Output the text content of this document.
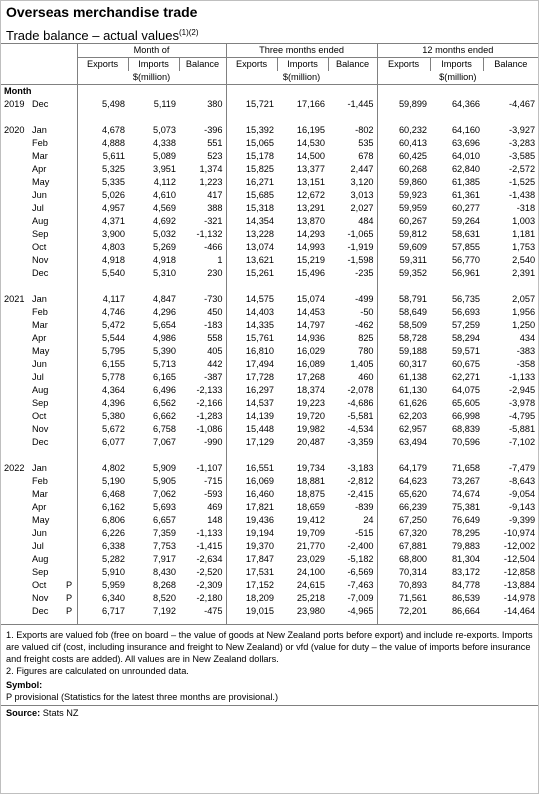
Overseas merchandise trade
Trade balance – actual values$^{(1)(2)}$
			Month of			Three months ended			12 months ended		
			Exports	Imports	Balance	Exports	Imports	Balance	Exports	Imports	Balance
			$(million)			$(million)			$(million)		
Month											
2019	Dec		5,498	5,119	380	15,721	17,166	-1,445	59,899	64,366	-4,467

2020	Jan		4,678	5,073	-396	15,392	16,195	-802	60,232	64,160	-3,927
	Feb		4,888	4,338	551	15,065	14,530	535	60,413	63,696	-3,283
	Mar		5,611	5,089	523	15,178	14,500	678	60,425	64,010	-3,585
	Apr		5,325	3,951	1,374	15,825	13,377	2,447	60,268	62,840	-2,572
	May		5,335	4,112	1,223	16,271	13,151	3,120	59,860	61,385	-1,525
	Jun		5,026	4,610	417	15,685	12,672	3,013	59,923	61,361	-1,438
	Jul		4,957	4,569	388	15,318	13,291	2,027	59,959	60,277	-318
	Aug		4,371	4,692	-321	14,354	13,870	484	60,267	59,264	1,003
	Sep		3,900	5,032	-1,132	13,228	14,293	-1,065	59,812	58,631	1,181
	Oct		4,803	5,269	-466	13,074	14,993	-1,919	59,609	57,855	1,753
	Nov		4,918	4,918	1	13,621	15,219	-1,598	59,311	56,770	2,540
	Dec		5,540	5,310	230	15,261	15,496	-235	59,352	56,961	2,391

2021	Jan		4,117	4,847	-730	14,575	15,074	-499	58,791	56,735	2,057
	Feb		4,746	4,296	450	14,403	14,453	-50	58,649	56,693	1,956
	Mar		5,472	5,654	-183	14,335	14,797	-462	58,509	57,259	1,250
	Apr		5,544	4,986	558	15,761	14,936	825	58,728	58,294	434
	May		5,795	5,390	405	16,810	16,029	780	59,188	59,571	-383
	Jun		6,155	5,713	442	17,494	16,089	1,405	60,317	60,675	-358
	Jul		5,778	6,165	-387	17,728	17,268	460	61,138	62,271	-1,133
	Aug		4,364	6,496	-2,133	16,297	18,374	-2,078	61,130	64,075	-2,945
	Sep		4,396	6,562	-2,166	14,537	19,223	-4,686	61,626	65,605	-3,978
	Oct		5,380	6,662	-1,283	14,139	19,720	-5,581	62,203	66,998	-4,795
	Nov		5,672	6,758	-1,086	15,448	19,982	-4,534	62,957	68,839	-5,881
	Dec		6,077	7,067	-990	17,129	20,487	-3,359	63,494	70,596	-7,102

2022	Jan		4,802	5,909	-1,107	16,551	19,734	-3,183	64,179	71,658	-7,479
	Feb		5,190	5,905	-715	16,069	18,881	-2,812	64,623	73,267	-8,643
	Mar		6,468	7,062	-593	16,460	18,875	-2,415	65,620	74,674	-9,054
	Apr		6,162	5,693	469	17,821	18,659	-839	66,239	75,381	-9,143
	May		6,806	6,657	148	19,436	19,412	24	67,250	76,649	-9,399
	Jun		6,226	7,359	-1,133	19,194	19,709	-515	67,320	78,295	-10,974
	Jul		6,338	7,753	-1,415	19,370	21,770	-2,400	67,881	79,883	-12,002
	Aug		5,282	7,917	-2,634	17,847	23,029	-5,182	68,800	81,304	-12,504
	Sep		5,910	8,430	-2,520	17,531	24,100	-6,569	70,314	83,172	-12,858
	Oct	P	5,959	8,268	-2,309	17,152	24,615	-7,463	70,893	84,778	-13,884
	Nov	P	6,340	8,520	-2,180	18,209	25,218	-7,009	71,561	86,539	-14,978
	Dec	P	6,717	7,192	-475	19,015	23,980	-4,965	72,201	86,664	-14,464

1. Exports are valued fob (free on board – the value of goods at New Zealand ports before export) and include re-exports. Imports are valued cif (cost, including insurance and freight to New Zealand) or vfd (value for duty – the value of imports before insurance and freight costs are added). All values are in New Zealand dollars.

2. Figures are calculated on unrounded data.

Symbol:
P provisional (Statistics for the latest three months are provisional.)
Source: Stats NZ
